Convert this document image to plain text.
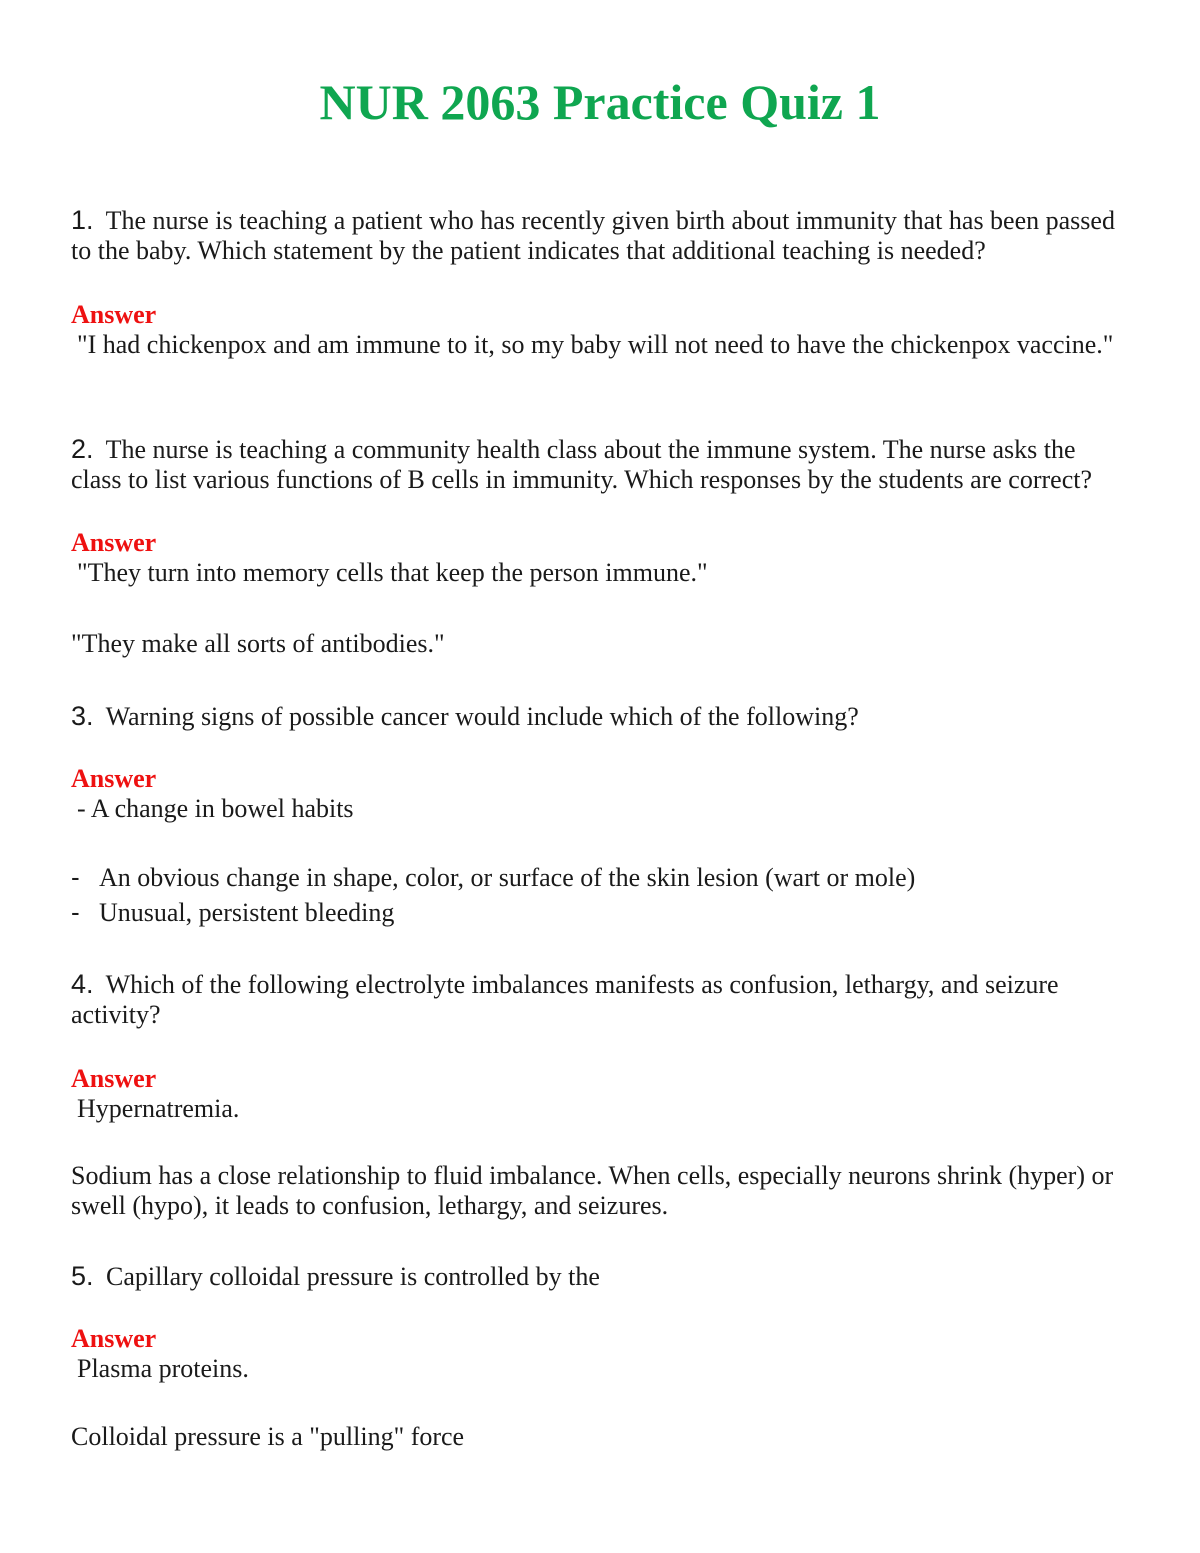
NUR 2063 Practice Quiz 1

1. The nurse is teaching a patient who has recently given birth about immunity that has been passed to the baby. Which statement by the patient indicates that additional teaching is needed?

Answer

"I had chickenpox and am immune to it, so my baby will not need to have the chickenpox vaccine."

2. The nurse is teaching a community health class about the immune system. The nurse asks the class to list various functions of B cells in immunity. Which responses by the students are correct?

Answer

"They turn into memory cells that keep the person immune."

"They make all sorts of antibodies."

3. Warning signs of possible cancer would include which of the following?

Answer

- A change in bowel habits

- An obvious change in shape, color, or surface of the skin lesion (wart or mole)

- Unusual, persistent bleeding

4. Which of the following electrolyte imbalances manifests as confusion, lethargy, and seizure activity?

Answer

Hypernatremia.

Sodium has a close relationship to fluid imbalance. When cells, especially neurons shrink (hyper) or swell (hypo), it leads to confusion, lethargy, and seizures.

5. Capillary colloidal pressure is controlled by the

Answer

Plasma proteins.

Colloidal pressure is a "pulling" force
